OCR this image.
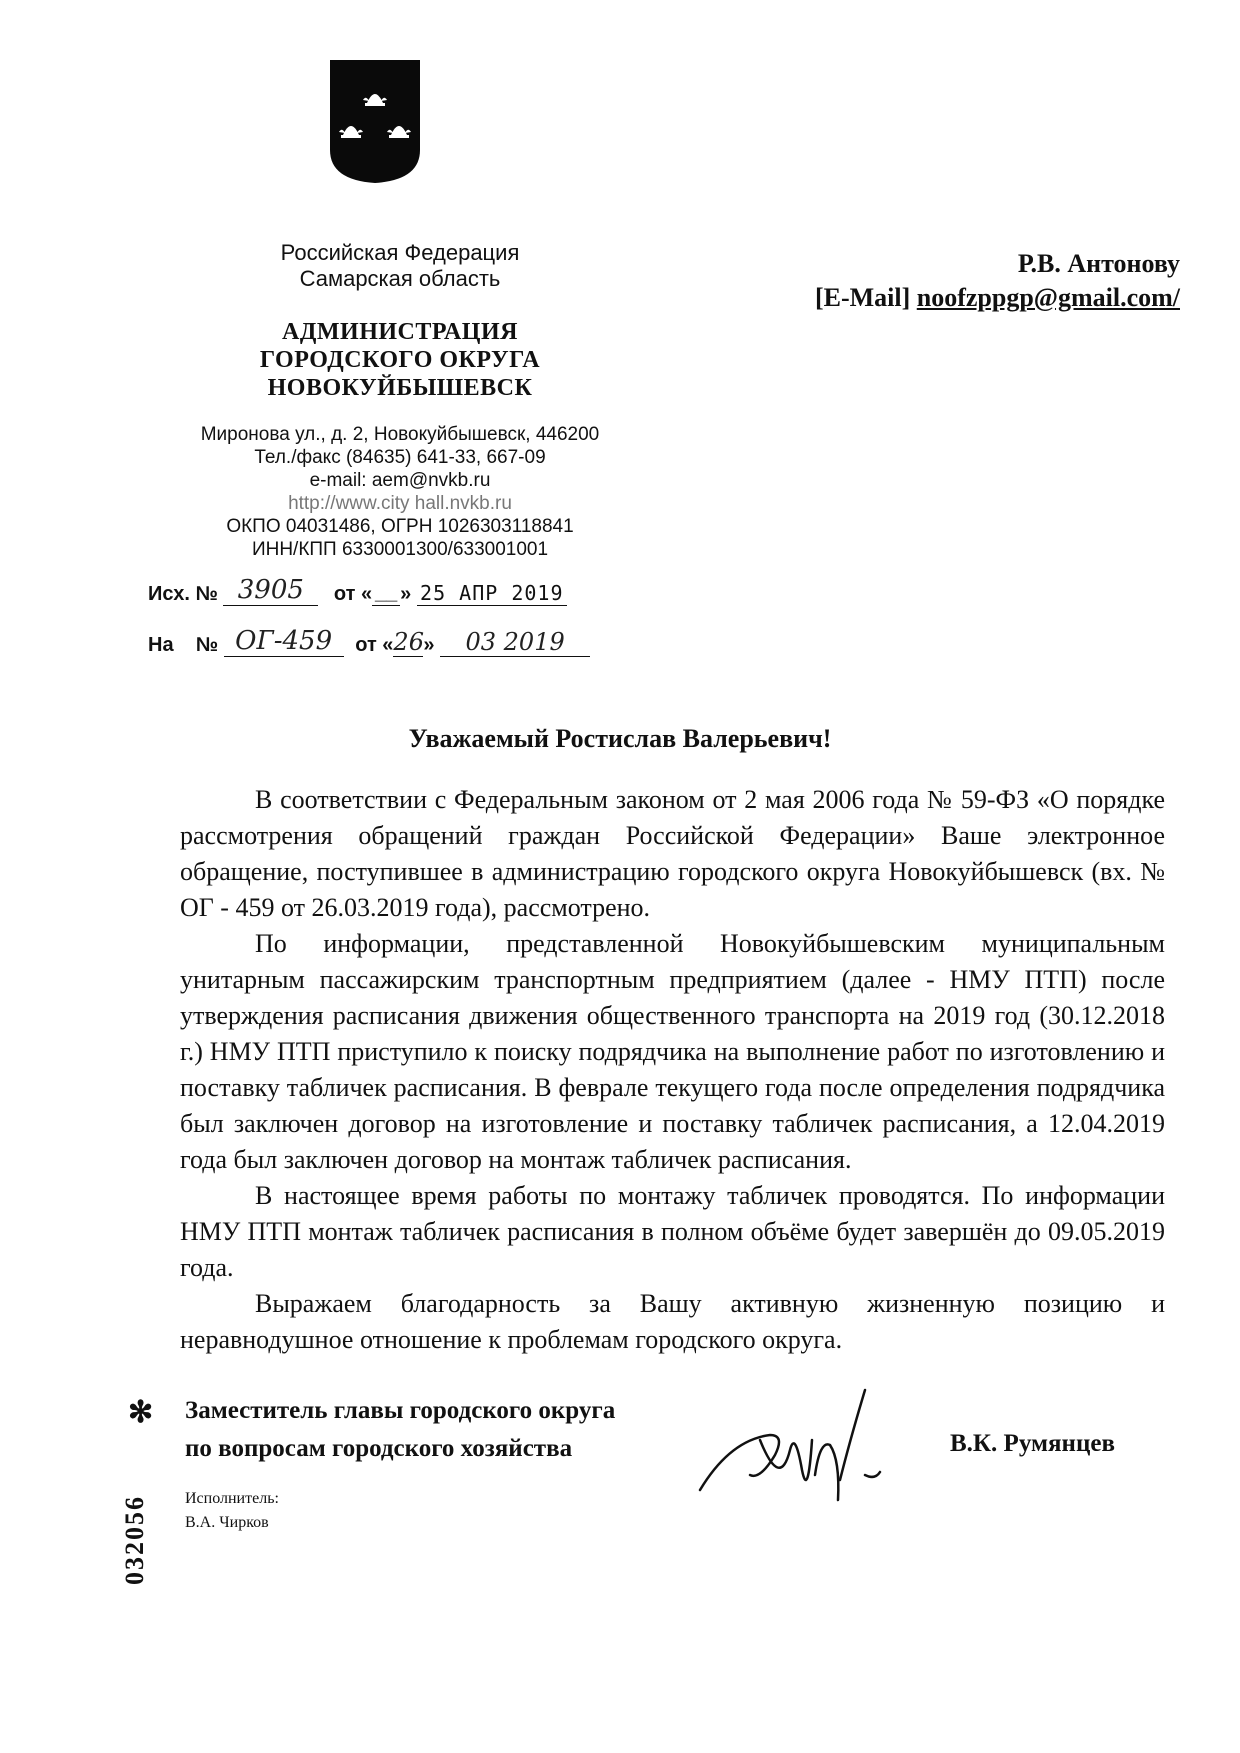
Российская Федерация
Самарская область
АДМИНИСТРАЦИЯ
ГОРОДСКОГО ОКРУГА
НОВОКУЙБЫШЕВСК
Миронова ул., д. 2, Новокуйбышевск, 446200
Тел./факс (84635) 641-33, 667-09
e-mail: aem@nvkb.ru
http://www.city hall.nvkb.ru
ОКПО 04031486, ОГРН 1026303118841
ИНН/КПП 6330001300/633001001
Р.В. Антонову
[E-Mail] noofzppgp@gmail.com/
Исх. № 3905 от « __ » 25 АПР 2019
На    № ОГ-459 от «26» 03 2019
Уважаемый Ростислав Валерьевич!

В соответствии с Федеральным законом от 2 мая 2006 года № 59-ФЗ «О порядке рассмотрения обращений граждан Российской Федерации» Ваше электронное обращение, поступившее в администрацию городского округа Новокуйбышевск (вх. № ОГ - 459 от 26.03.2019 года), рассмотрено.

По информации, представленной Новокуйбышевским муниципальным унитарным пассажирским транспортным предприятием (далее - НМУ ПТП) после утверждения расписания движения общественного транспорта на 2019 год (30.12.2018 г.) НМУ ПТП приступило к поиску подрядчика на выполнение работ по изготовлению и поставку табличек расписания. В феврале текущего года после определения подрядчика был заключен договор на изготовление и поставку табличек расписания, а 12.04.2019 года был заключен договор на монтаж табличек расписания.

В настоящее время работы по монтажу табличек проводятся. По информации НМУ ПТП монтаж табличек расписания в полном объёме будет завершён до 09.05.2019 года.

Выражаем благодарность за Вашу активную жизненную позицию и неравнодушное отношение к проблемам городского округа.

✻ Заместитель главы городского округа
по вопросам городского хозяйства	В.К. Румянцев
Исполнитель:
В.А. Чирков
032056
